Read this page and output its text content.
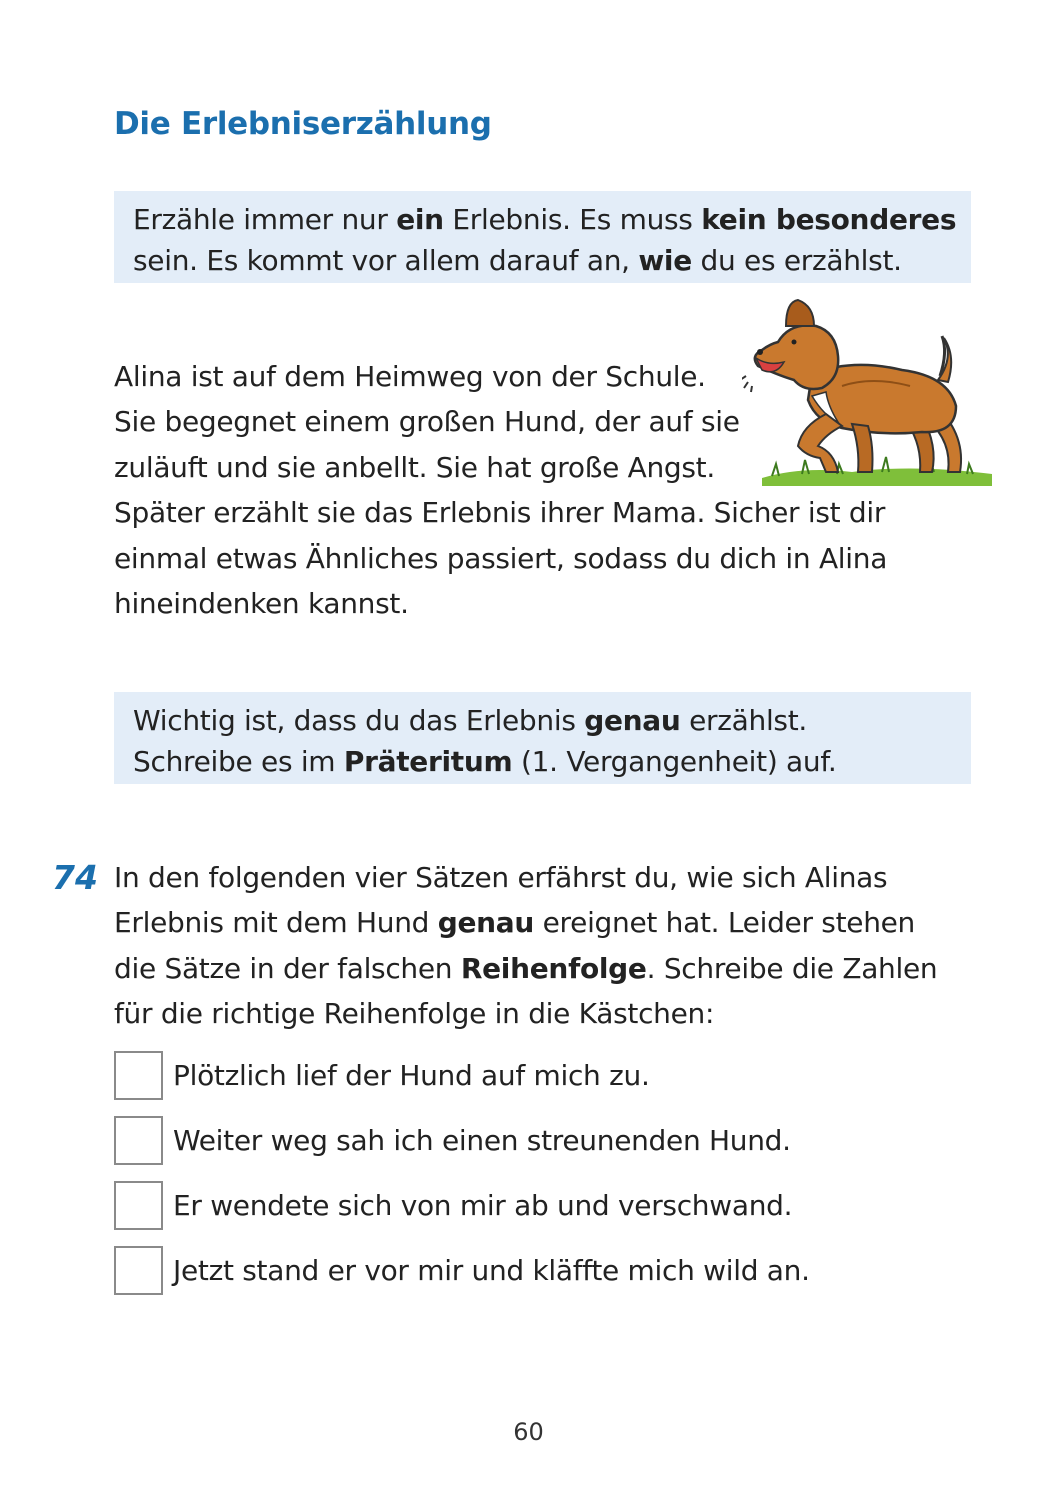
Die Erlebniserzählung
Erzähle immer nur ein Erlebnis. Es muss kein besonderes
sein. Es kommt vor allem darauf an, wie du es erzählst.
Alina ist auf dem Heimweg von der Schule.
Sie begegnet einem großen Hund, der auf sie
zuläuft und sie anbellt. Sie hat große Angst.
Später erzählt sie das Erlebnis ihrer Mama. Sicher ist dir
einmal etwas Ähnliches passiert, sodass du dich in Alina
hineindenken kannst.
Wichtig ist, dass du das Erlebnis genau erzählst.
Schreibe es im Präteritum (1. Vergangenheit) auf.
74 In den folgenden vier Sätzen erfährst du, wie sich Alinas
Erlebnis mit dem Hund genau ereignet hat. Leider stehen
die Sätze in der falschen Reihenfolge. Schreibe die Zahlen
für die richtige Reihenfolge in die Kästchen:
Plötzlich lief der Hund auf mich zu.
Weiter weg sah ich einen streunenden Hund.
Er wendete sich von mir ab und verschwand.
Jetzt stand er vor mir und kläffte mich wild an.
60
